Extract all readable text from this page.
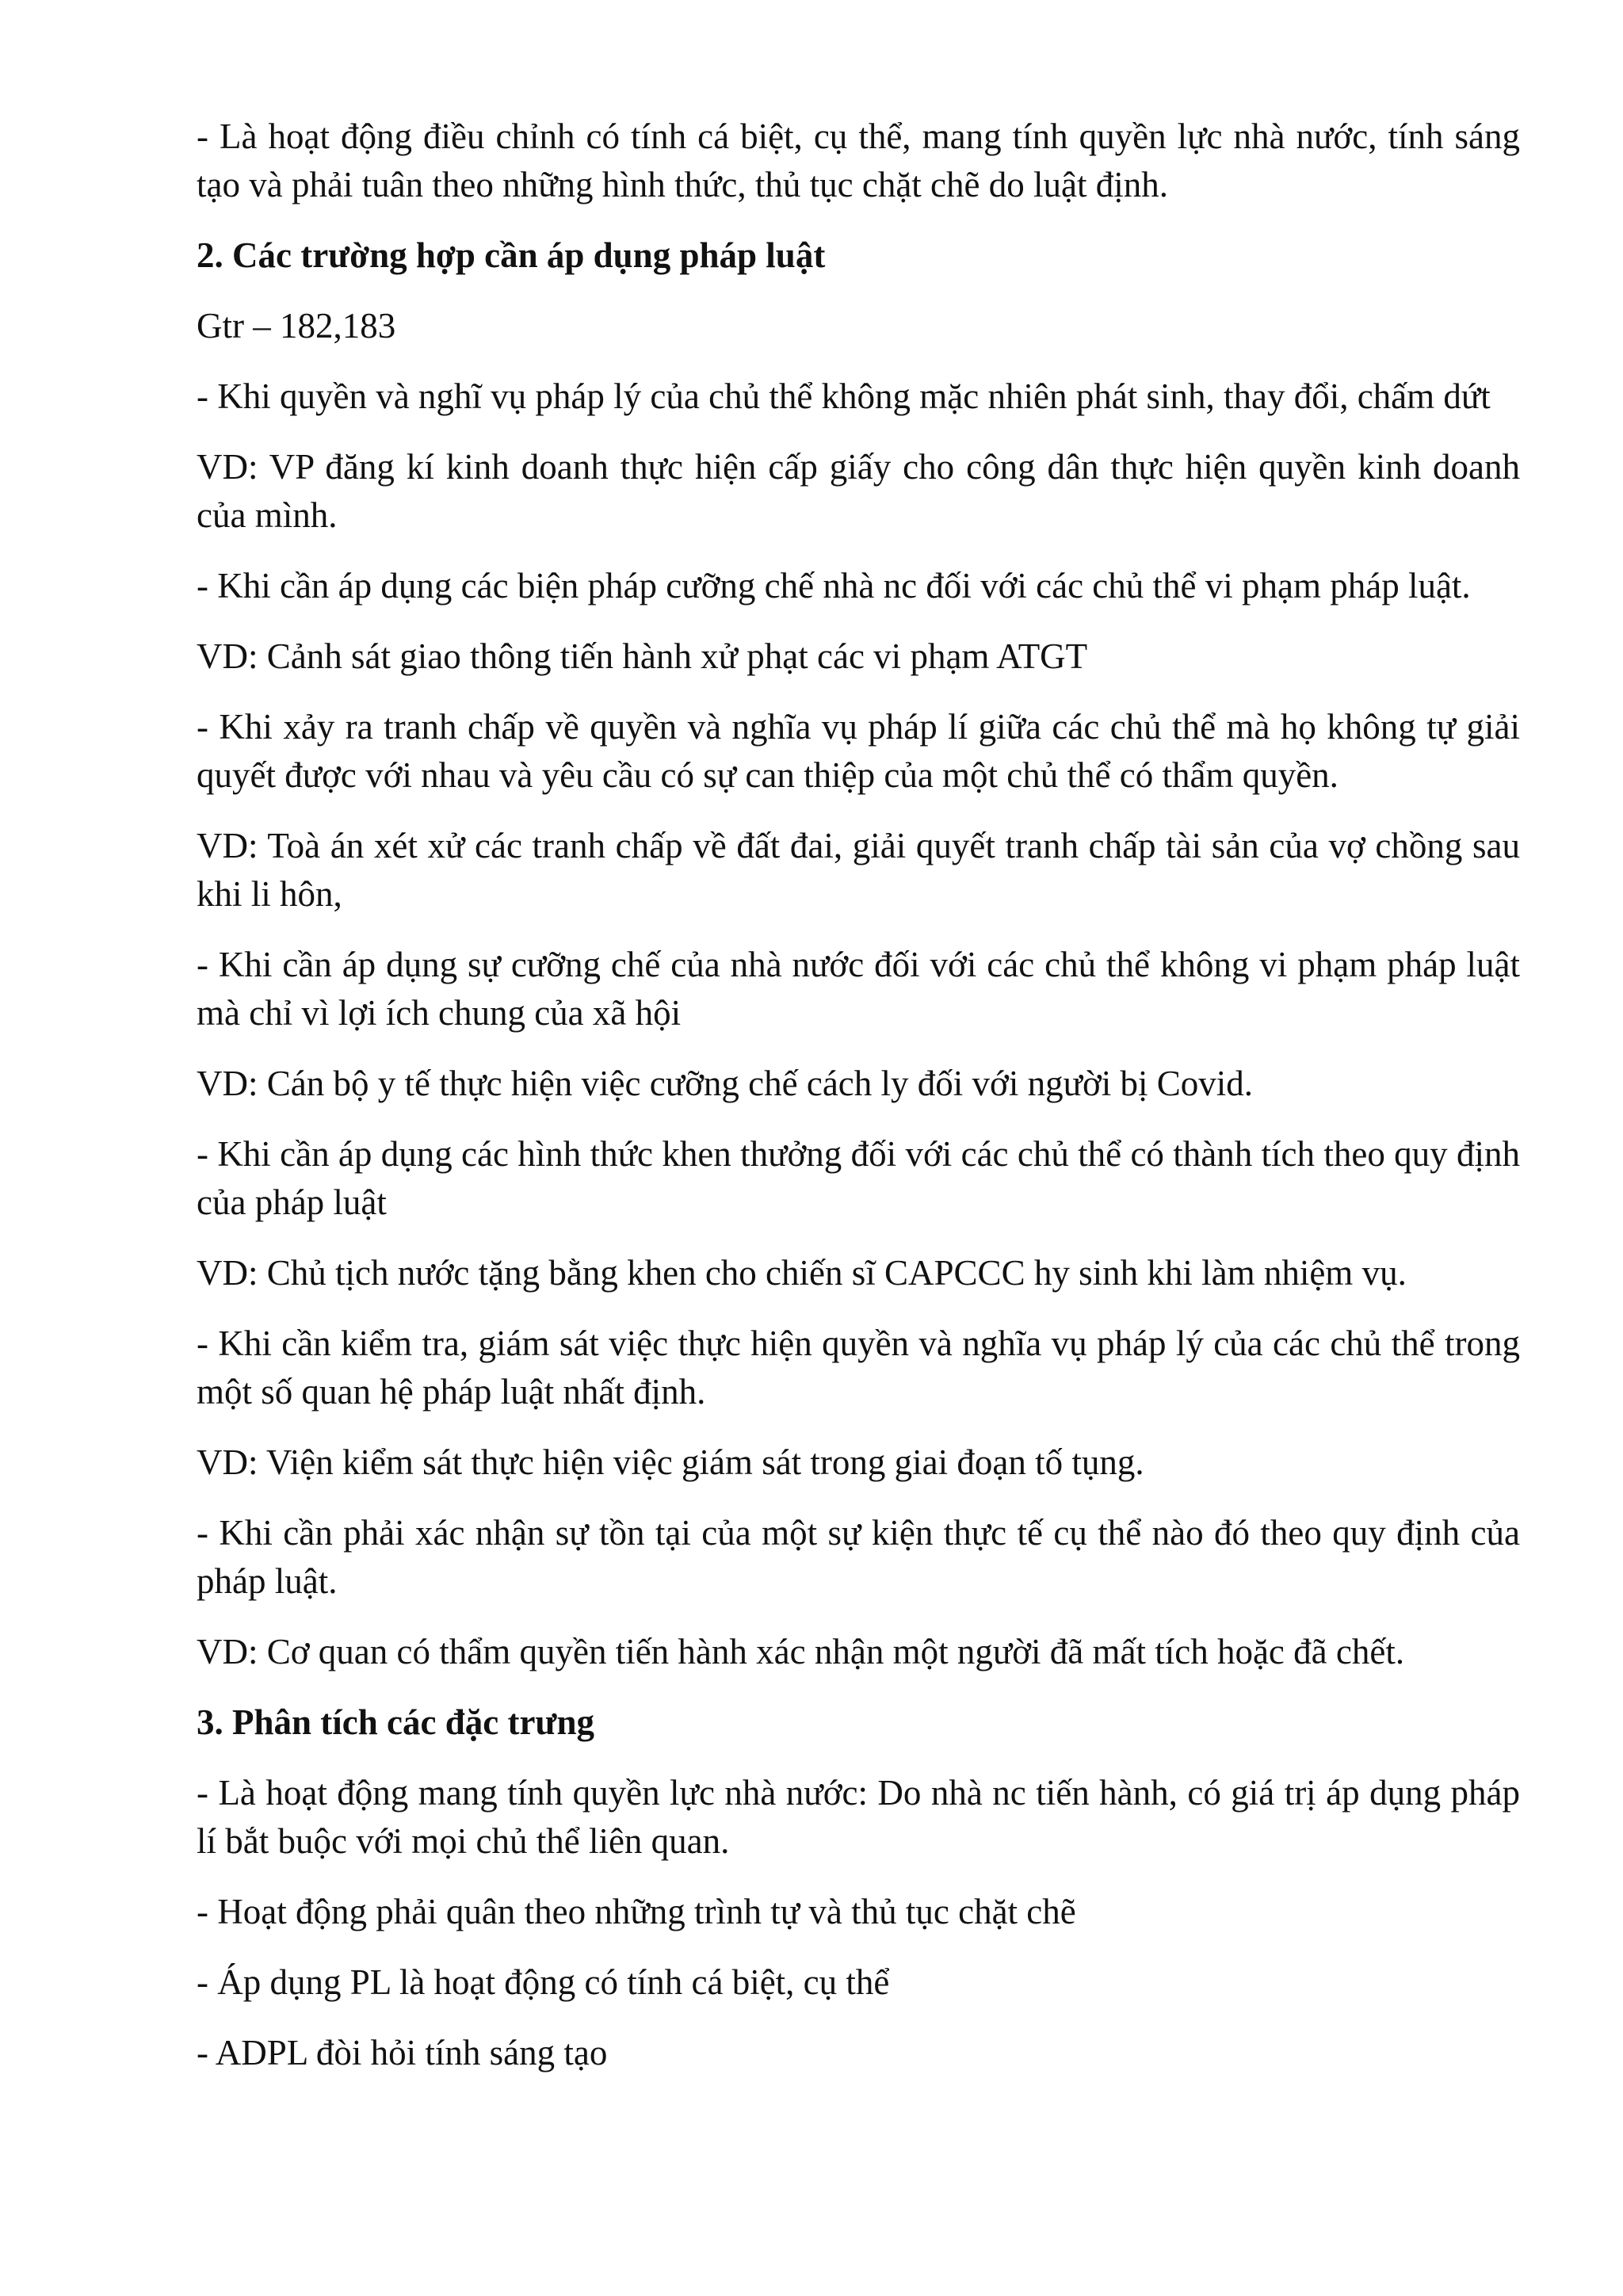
- Là hoạt động điều chỉnh có tính cá biệt, cụ thể, mang tính quyền lực nhà nước, tính sáng tạo và phải tuân theo những hình thức, thủ tục chặt chẽ do luật định.

2. Các trường hợp cần áp dụng pháp luật

Gtr – 182,183

- Khi quyền và nghĩ vụ pháp lý của chủ thể không mặc nhiên phát sinh, thay đổi, chấm dứt

VD: VP đăng kí kinh doanh thực hiện cấp giấy cho công dân thực hiện quyền kinh doanh của mình.

- Khi cần áp dụng các biện pháp cưỡng chế nhà nc đối với các chủ thể vi phạm pháp luật.

VD: Cảnh sát giao thông tiến hành xử phạt các vi phạm ATGT

- Khi xảy ra tranh chấp về quyền và nghĩa vụ pháp lí giữa các chủ thể mà họ không tự giải quyết được với nhau và yêu cầu có sự can thiệp của một chủ thể có thẩm quyền.

VD: Toà án xét xử các tranh chấp về đất đai, giải quyết tranh chấp tài sản của vợ chồng sau khi li hôn,

- Khi cần áp dụng sự cưỡng chế của nhà nước đối với các chủ thể không vi phạm pháp luật mà chỉ vì lợi ích chung của xã hội

VD: Cán bộ y tế thực hiện việc cưỡng chế cách ly đối với người bị Covid.

- Khi cần áp dụng các hình thức khen thưởng đối với các chủ thể có thành tích theo quy định của pháp luật

VD: Chủ tịch nước tặng bằng khen cho chiến sĩ CAPCCC hy sinh khi làm nhiệm vụ.

- Khi cần kiểm tra, giám sát việc thực hiện quyền và nghĩa vụ pháp lý của các chủ thể trong một số quan hệ pháp luật nhất định.

VD: Viện kiểm sát thực hiện việc giám sát trong giai đoạn tố tụng.

- Khi cần phải xác nhận sự tồn tại của một sự kiện thực tế cụ thể nào đó theo quy định của pháp luật.

VD: Cơ quan có thẩm quyền tiến hành xác nhận một người đã mất tích hoặc đã chết.

3. Phân tích các đặc trưng

- Là hoạt động mang tính quyền lực nhà nước: Do nhà nc tiến hành, có giá trị áp dụng pháp lí bắt buộc với mọi chủ thể liên quan.

- Hoạt động phải quân theo những trình tự và thủ tục chặt chẽ

- Áp dụng PL là hoạt động có tính cá biệt, cụ thể

- ADPL đòi hỏi tính sáng tạo
